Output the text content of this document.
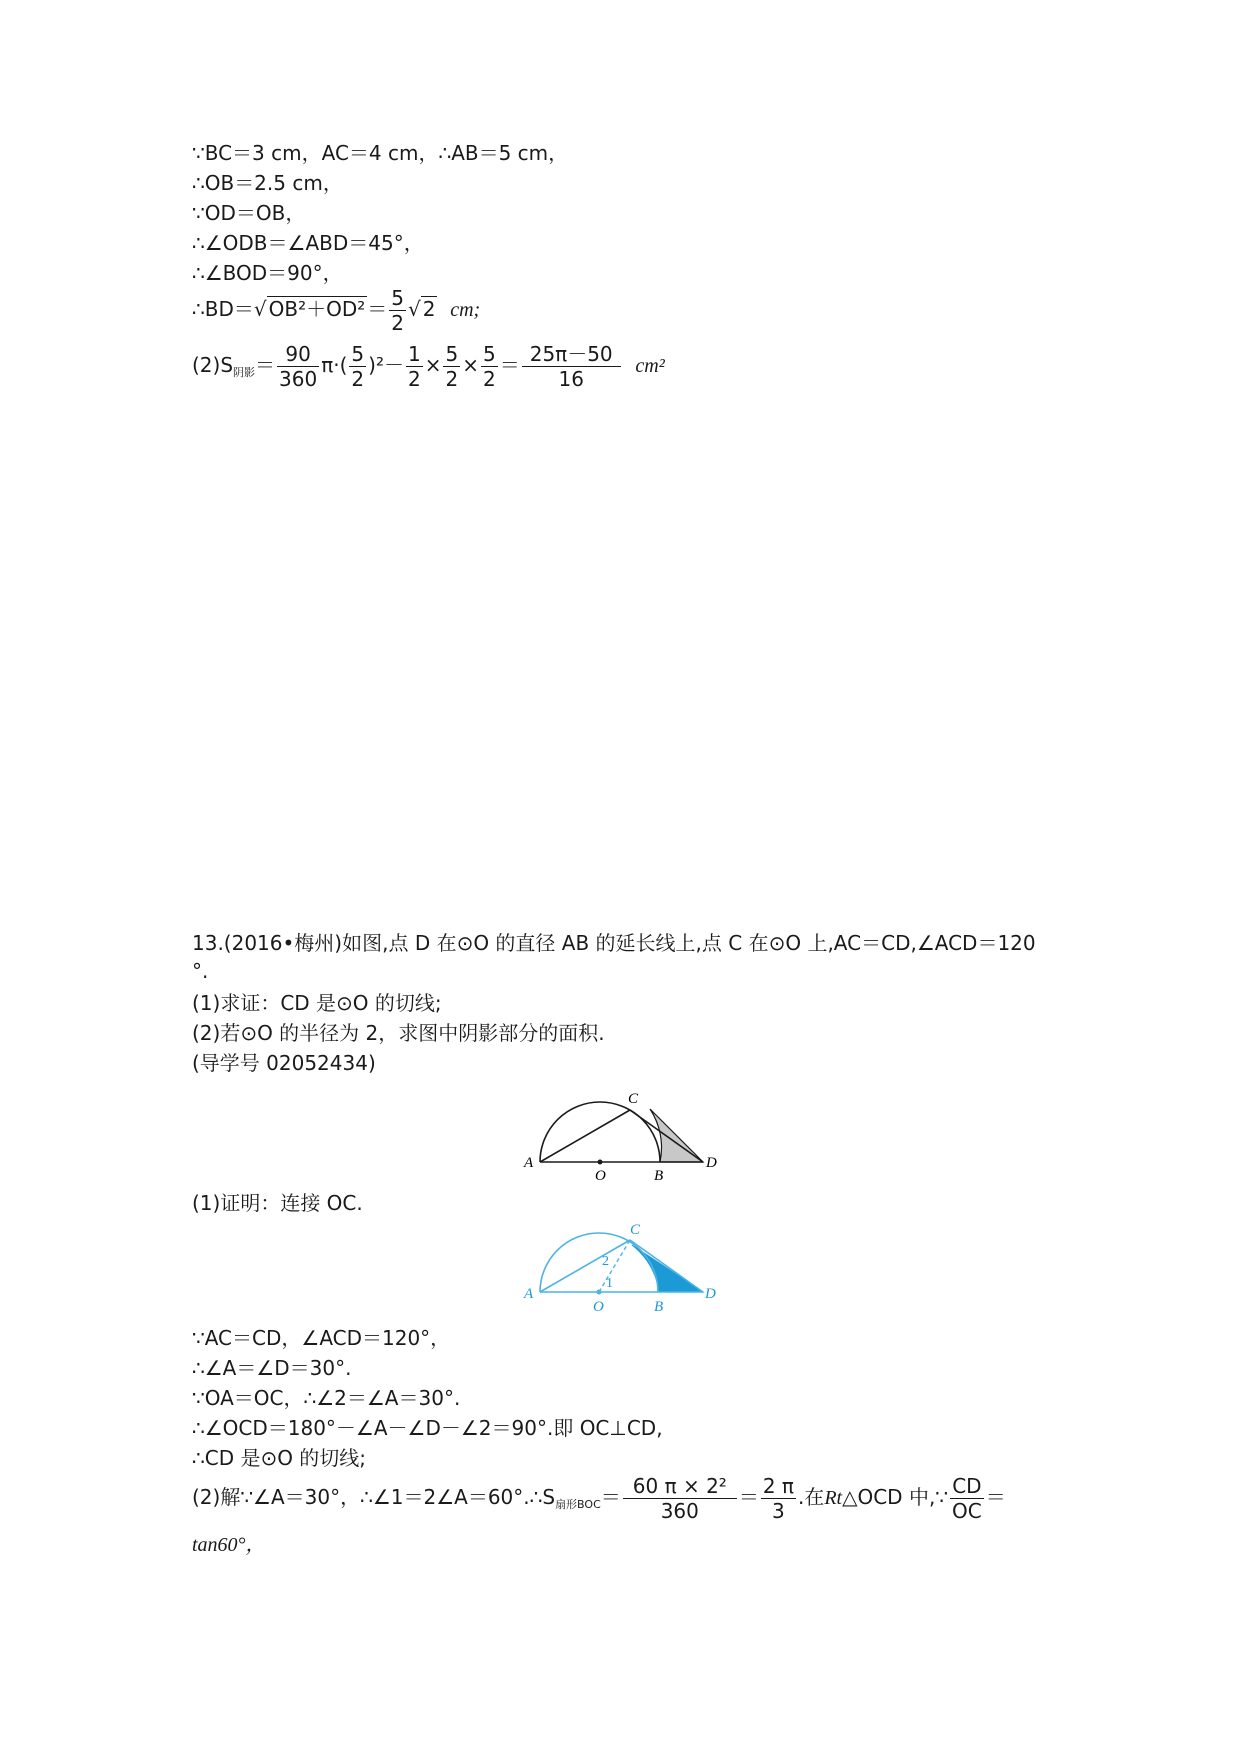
∵BC＝3 cm，AC＝4 cm，∴AB＝5 cm，
∴OB＝2.5 cm，
∵OD＝OB，
∴∠ODB＝∠ABD＝45°，
∴∠BOD＝90°，
∴BD＝√ $OB^2+OD^2 = \frac{5}{2}$ √ 2 cm;
$(2)S_{阴影}= \frac{90}{360} \pi\cdot( \frac{5}{2} )^2- \frac{1}{2} \times \frac{5}{2} \times \frac{5}{2} = \frac{25\pi-50}{16} cm^2$
13.(2016•梅州)如图,点 D 在⊙O 的直径 AB 的延长线上,点 C 在⊙O 上,AC＝CD,∠ACD＝120
°.
(1)求证：CD 是⊙O 的切线;
(2)若⊙O 的半径为 2，求图中阴影部分的面积.
(导学号 02052434)
A
O	B
C
D
(1)证明：连接 OC.
A
O	B
C
D
1
2
∵AC＝CD，∠ACD＝120°，
∴∠A＝∠D＝30°.
∵OA＝OC，∴∠2＝∠A＝30°.
∴∠OCD＝180°－∠A－∠D－∠2＝90°.即 OC⊥CD,
∴CD 是⊙O 的切线;
(2)解∵∠A＝30°，$\therefore\angle 1=2\angle A=60^\circ.\therefore S_{扇形BOC}= \frac{\text{60 π × 2²}}{360} = \frac{2 \pi}{3}$ .在Rt△OCD 中,∵ $\frac{CD}{OC}$ ＝
tan60°，
